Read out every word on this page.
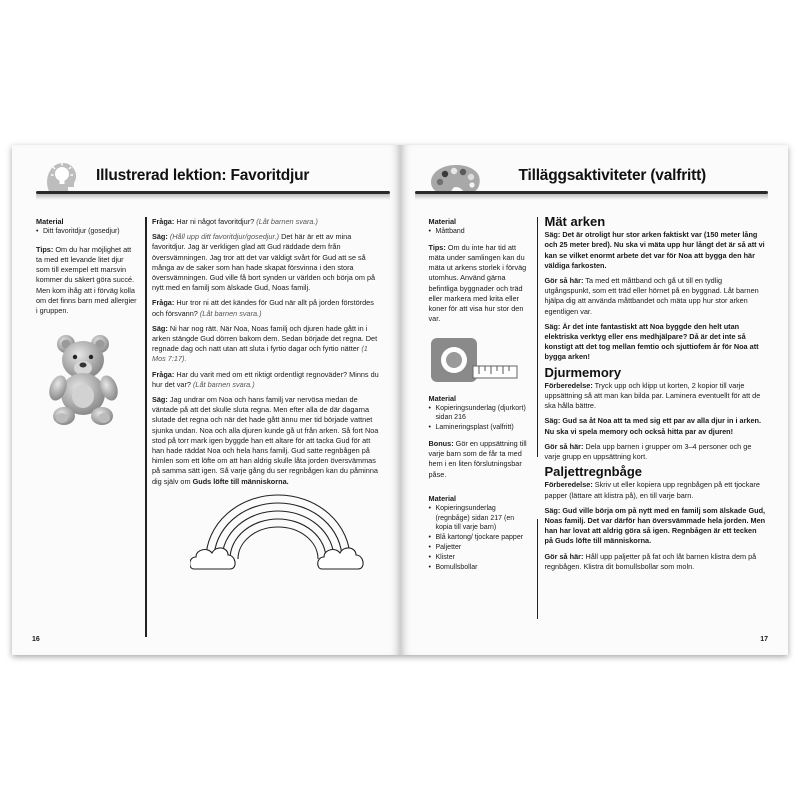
Illustrerad lektion: Favoritdjur
Material
• Ditt favoritdjur (gosedjur)
Tips: Om du har möjlighet att ta med ett levande litet djur som till exempel ett marsvin kommer du säkert göra succé. Men kom ihåg att i förväg kolla om det finns barn med allergier i gruppen.
Fråga: Har ni något favoritdjur? (Låt barnen svara.)
Säg: (Håll upp ditt favoritdjur/gosedjur.) Det här är ett av mina favoritdjur. Jag är verkligen glad att Gud räddade dem från översvämningen. Jag tror att det var väldigt svårt för Gud att se så många av de saker som han hade skapat försvinna i den stora översvämningen. Gud ville få bort synden ur världen och börja om på nytt med en familj som älskade Gud, Noas familj.
Fråga: Hur tror ni att det kändes för Gud när allt på jorden förstördes och försvann? (Låt barnen svara.)
Säg: Ni har nog rätt. När Noa, Noas familj och djuren hade gått in i arken stängde Gud dörren bakom dem. Sedan började det regna. Det regnade dag och natt utan att sluta i fyrtio dagar och fyrtio nätter (1 Mos 7:17).
Fråga: Har du varit med om ett riktigt ordentligt regnoväder? Minns du hur det var? (Låt barnen svara.)
Säg: Jag undrar om Noa och hans familj var nervösa medan de väntade på att det skulle sluta regna. Men efter alla de där dagarna slutade det regna och när det hade gått ännu mer tid började vattnet sjunka undan. Noa och alla djuren kunde gå ut från arken. Så fort Noa stod på torr mark igen byggde han ett altare för att tacka Gud för att han hade räddat Noa och hela hans familj. Gud satte regnbågen på himlen som ett löfte om att han aldrig skulle låta jorden översvämmas på samma sätt igen. Så varje gång du ser regnbågen kan du påminna dig själv om Guds löfte till människorna.
16
Tilläggsaktiviteter (valfritt)
Material
• Måttband
Tips: Om du inte har tid att mäta under samlingen kan du mäta ut arkens storlek i förväg utomhus. Använd gärna befintliga byggnader och träd eller markera med krita eller koner för att visa hur stor den var.
Material
• Kopieringsunderlag (djurkort) sidan 216
• Lamineringsplast (valfritt)
Bonus: Gör en uppsättning till varje barn som de får ta med hem i en liten förslutningsbar påse.
Material
• Kopieringsunderlag (regnbåge) sidan 217 (en kopia till varje barn)
• Blå kartong/ tjockare papper
• Paljetter
• Klister
• Bomullsbollar
Mät arken
Säg: Det är otroligt hur stor arken faktiskt var (150 meter lång och 25 meter bred). Nu ska vi mäta upp hur långt det är så att vi kan se vilket enormt arbete det var för Noa att bygga den här väldiga farkosten.
Gör så här: Ta med ett måttband och gå ut till en tydlig utgångspunkt, som ett träd eller hörnet på en byggnad. Låt barnen hjälpa dig att använda måttbandet och mäta upp hur stor arken egentligen var.
Säg: Är det inte fantastiskt att Noa byggde den helt utan elektriska verktyg eller ens medhjälpare? Då är det inte så konstigt att det tog mellan femtio och sjuttiofem år för Noa att bygga arken!
Djurmemory
Förberedelse: Tryck upp och klipp ut korten, 2 kopior till varje uppsättning så att man kan bilda par. Laminera eventuellt för att de ska hålla bättre.
Säg: Gud sa åt Noa att ta med sig ett par av alla djur in i arken. Nu ska vi spela memory och också hitta par av djuren!
Gör så här: Dela upp barnen i grupper om 3–4 personer och ge varje grupp en uppsättning kort.
Paljettregnbåge
Förberedelse: Skriv ut eller kopiera upp regnbågen på ett tjockare papper (lättare att klistra på), en till varje barn.
Säg: Gud ville börja om på nytt med en familj som älskade Gud, Noas familj. Det var därför han översvämmade hela jorden. Men han har lovat att aldrig göra så igen. Regnbågen är ett tecken på Guds löfte till människorna.
Gör så här: Håll upp paljetter på fat och låt barnen klistra dem på regnbågen. Klistra dit bomullsbollar som moln.
17
